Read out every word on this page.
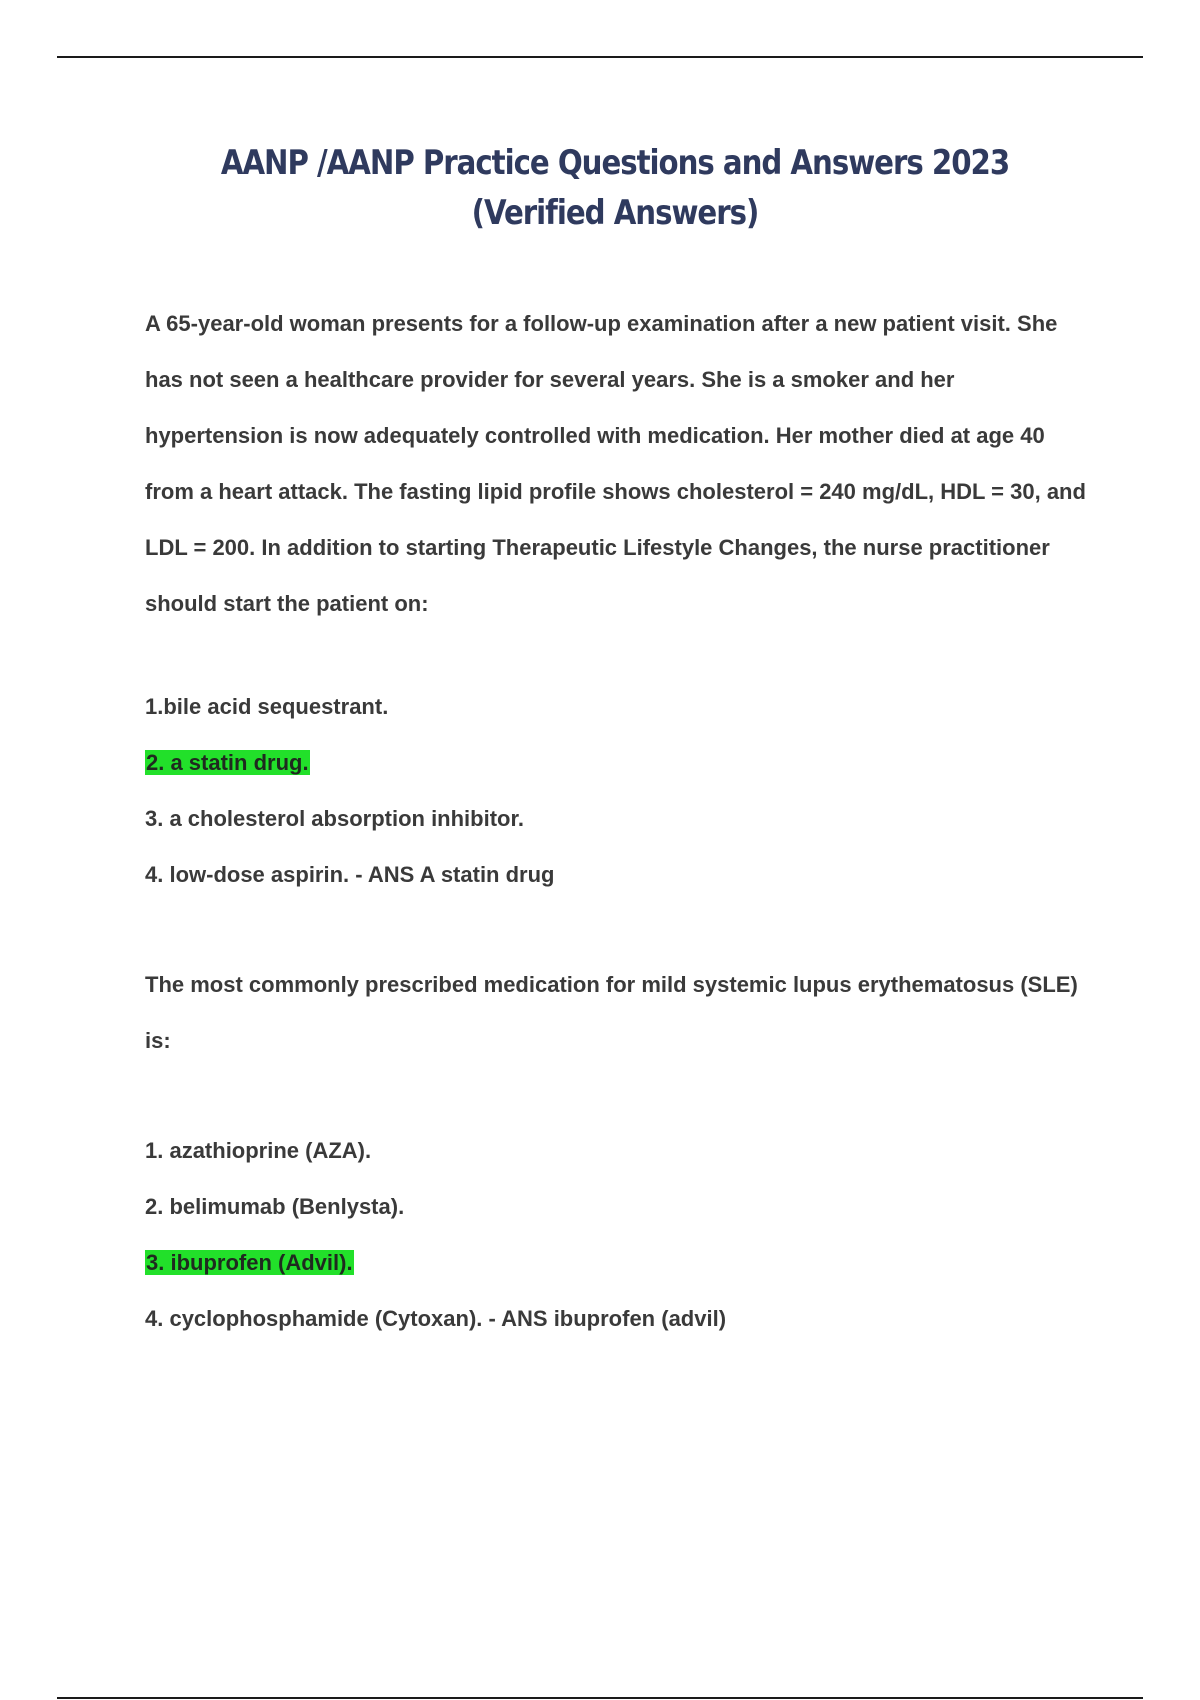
AANP /AANP Practice Questions and Answers 2023 (Verified Answers)
A 65-year-old woman presents for a follow-up examination after a new patient visit. She has not seen a healthcare provider for several years. She is a smoker and her hypertension is now adequately controlled with medication. Her mother died at age 40 from a heart attack. The fasting lipid profile shows cholesterol = 240 mg/dL, HDL = 30, and LDL = 200. In addition to starting Therapeutic Lifestyle Changes, the nurse practitioner should start the patient on:
1.bile acid sequestrant.
2. a statin drug.
3. a cholesterol absorption inhibitor.
4. low-dose aspirin. - ANS A statin drug
The most commonly prescribed medication for mild systemic lupus erythematosus (SLE) is:
1. azathioprine (AZA).
2. belimumab (Benlysta).
3. ibuprofen (Advil).
4. cyclophosphamide (Cytoxan). - ANS ibuprofen (advil)
